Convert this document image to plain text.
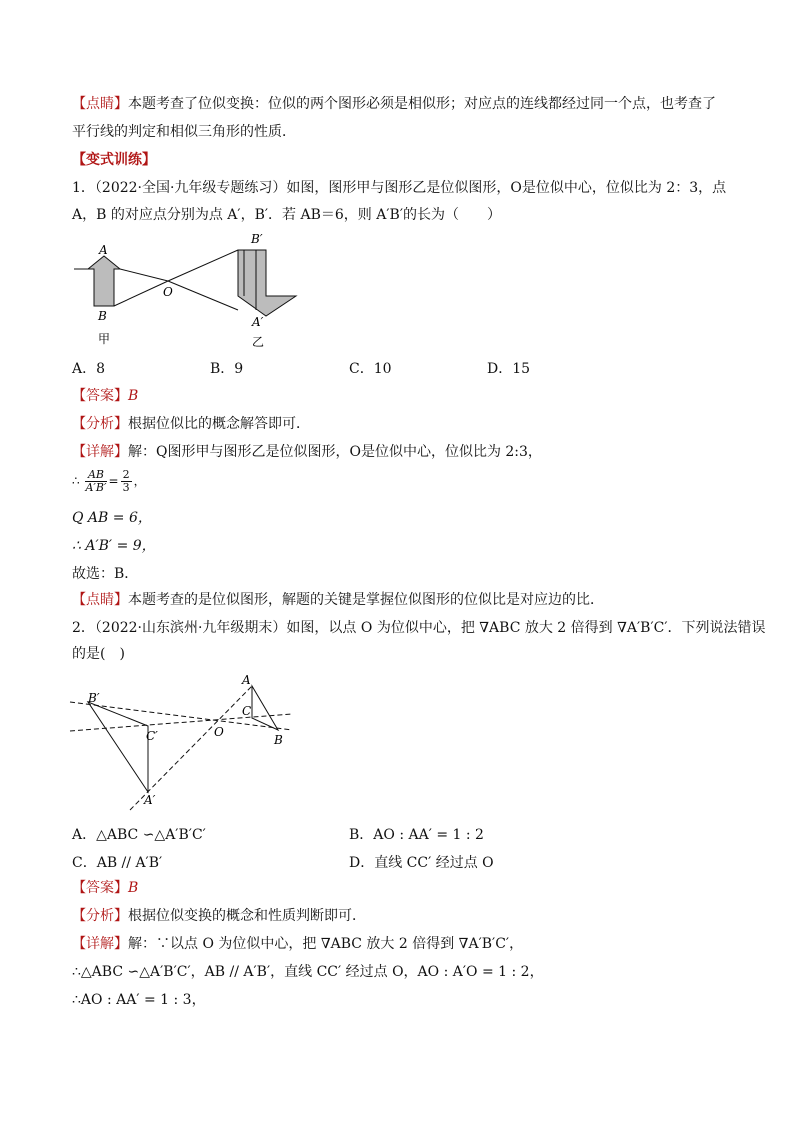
【点睛】本题考查了位似变换：位似的两个图形必须是相似形；对应点的连线都经过同一个点，也考查了
平行线的判定和相似三角形的性质．
【变式训练】
1．（2022·全国·九年级专题练习）如图，图形甲与图形乙是位似图形，O是位似中心，位似比为 2：3，点
A，B 的对应点分别为点 A′，B′．若 AB＝6，则 A′B′的长为（　　）
A
B
O
B′
A′
甲	乙
A．8	B．9	C．10	D．15
【答案】B
【分析】根据位似比的概念解答即可．
【详解】解：Q图形甲与图形乙是位似图形，O是位似中心，位似比为 2:3，
∴ $\frac{AB}{A'B'} = \frac{2}{3}$ ，
Q AB = 6，
∴ A′B′ = 9，
故选：B．
【点睛】本题考查的是位似图形，解题的关键是掌握位似图形的位似比是对应边的比．
2．（2022·山东滨州·九年级期末）如图，以点 O 为位似中心，把 ∇ABC 放大 2 倍得到 ∇A′B′C′．下列说法错误
的是(　)
B′
C′
A′
O
A
C
B
A．△ABC ∽△A′B′C′	B．AO : AA′ = 1 : 2
C．AB // A′B′	D．直线 CC′ 经过点 O
【答案】B
【分析】根据位似变换的概念和性质判断即可．
【详解】解：∵以点 O 为位似中心，把 ∇ABC 放大 2 倍得到 ∇A′B′C′，
∴△ABC ∽△A′B′C′，AB // A′B′，直线 CC′ 经过点 O，AO : A′O = 1 : 2，
∴AO : AA′ = 1 : 3，
